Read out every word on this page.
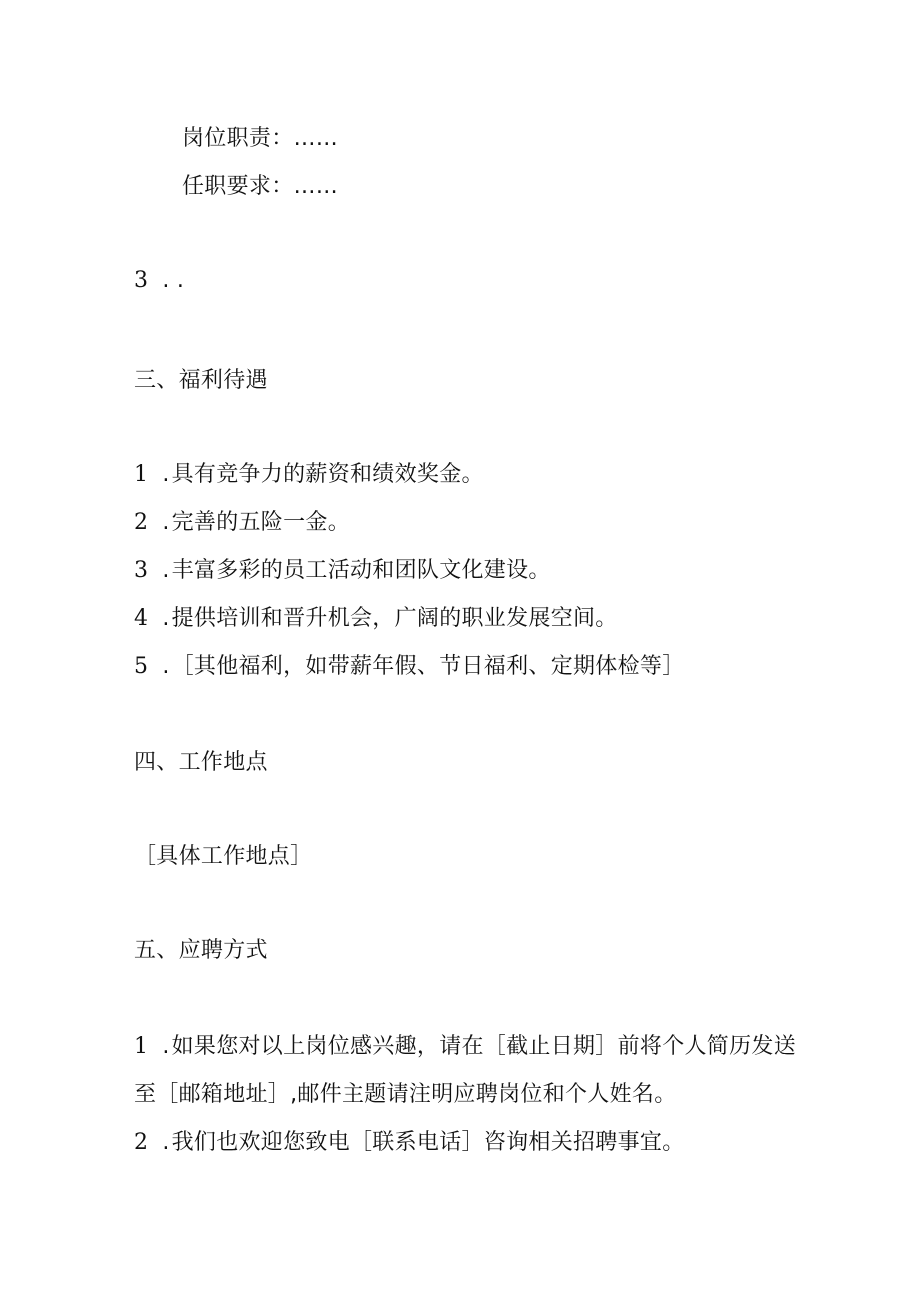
岗位职责：……
任职要求：……
3 . .
三、福利待遇
1 .具有竞争力的薪资和绩效奖金。
2 .完善的五险一金。
3 .丰富多彩的员工活动和团队文化建设。
4 .提供培训和晋升机会，广阔的职业发展空间。
5 .［其他福利，如带薪年假、节日福利、定期体检等］
四、工作地点
［具体工作地点］
五、应聘方式
1 .如果您对以上岗位感兴趣，请在［截止日期］前将个人简历发送
至［邮箱地址］,邮件主题请注明应聘岗位和个人姓名。
2 .我们也欢迎您致电［联系电话］咨询相关招聘事宜。
